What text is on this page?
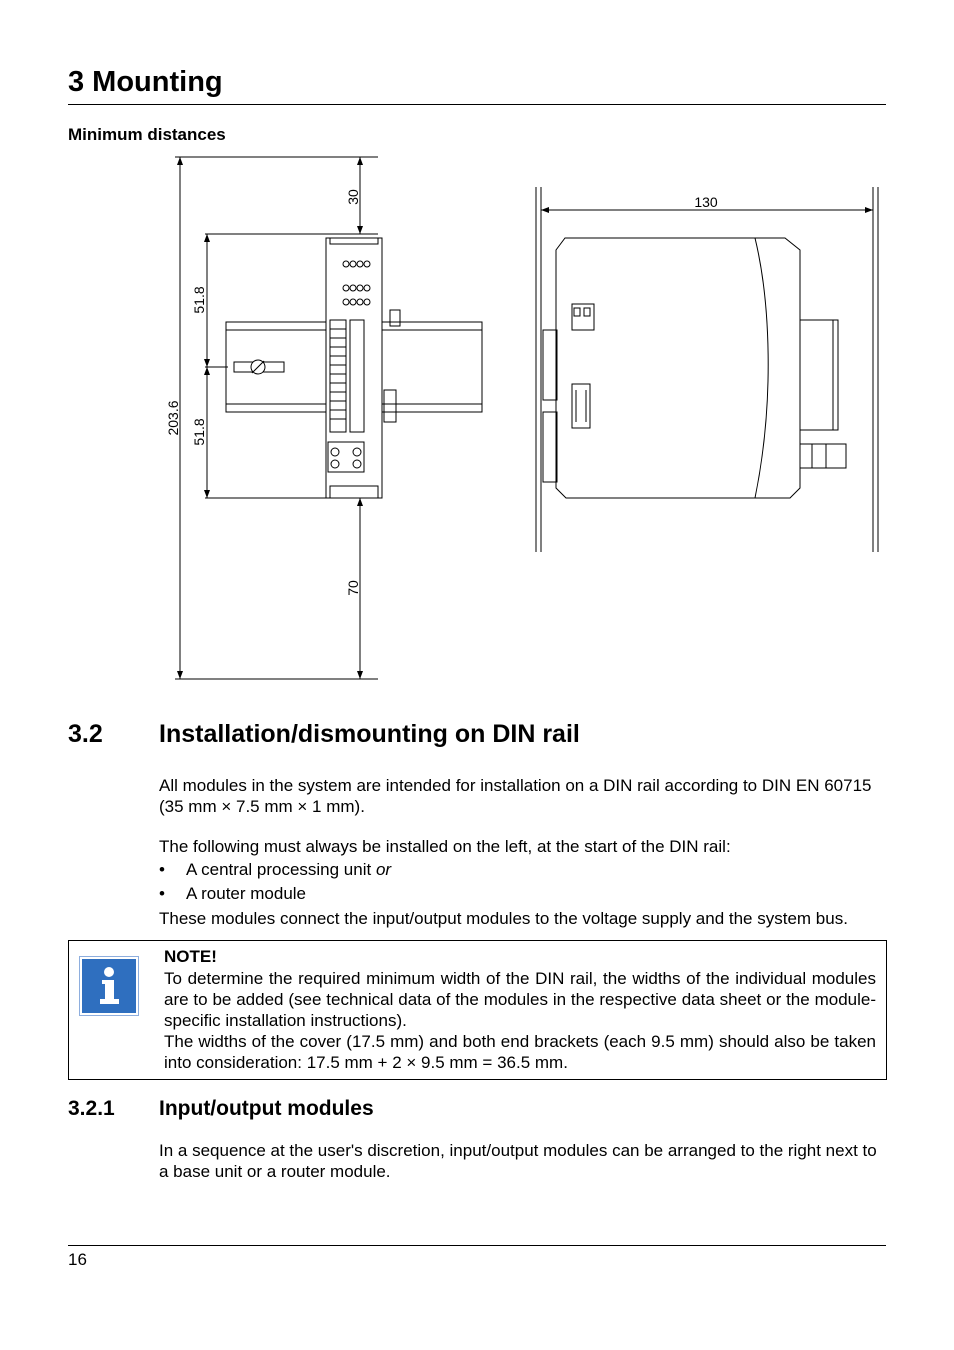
3 Mounting
Minimum distances
30
51.8
51.8
203.6
70
130
3.2 Installation/dismounting on DIN rail

All modules in the system are intended for installation on a DIN rail according to DIN EN 60715 (35 mm × 7.5 mm × 1 mm).

The following must always be installed on the left, at the start of the DIN rail:

• A central processing unit or
• A router module

These modules connect the input/output modules to the voltage supply and the system bus.

NOTE!

To determine the required minimum width of the DIN rail, the widths of the individual modules are to be added (see technical data of the modules in the respective data sheet or the module-specific installation instructions).
The widths of the cover (17.5 mm) and both end brackets (each 9.5 mm) should also be taken into consideration: 17.5 mm + 2 × 9.5 mm = 36.5 mm.

3.2.1 Input/output modules

In a sequence at the user's discretion, input/output modules can be arranged to the right next to a base unit or a router module.

16
